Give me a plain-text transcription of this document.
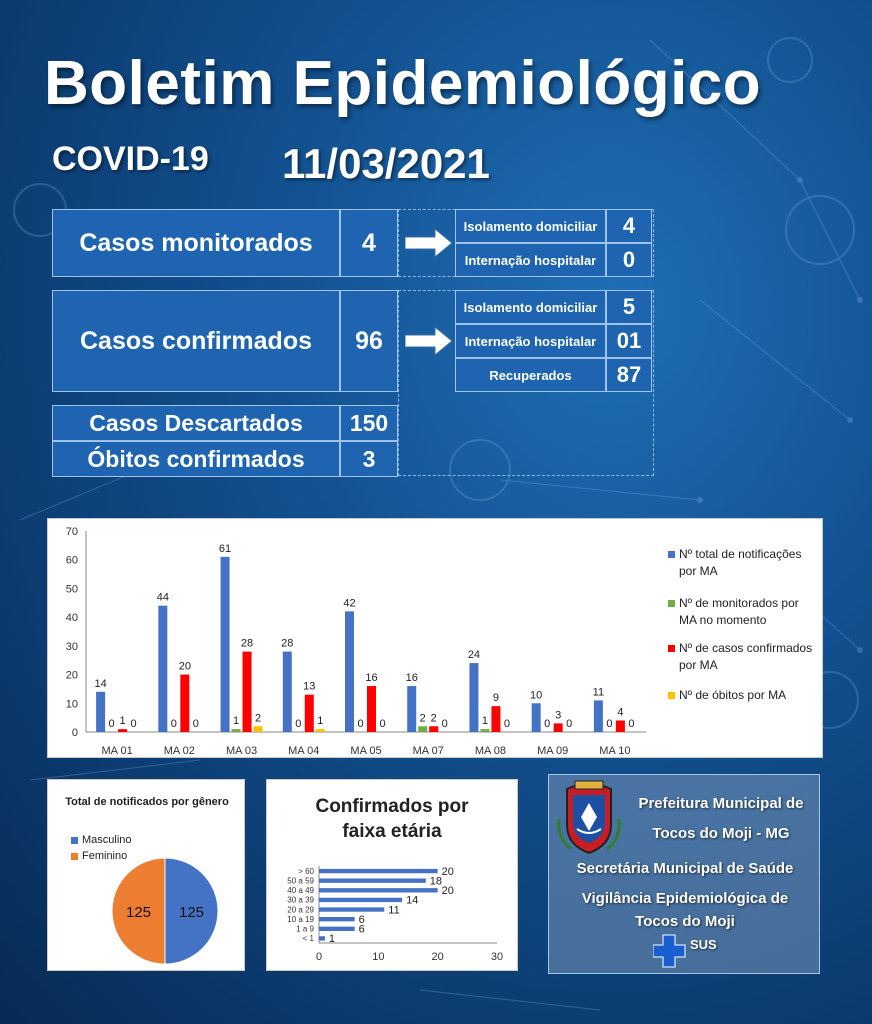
Boletim Epidemiológico
COVID-19 11/03/2021
Casos monitorados	4
Isolamento domiciliar	4
Internação hospitalar	0
Casos confirmados	96
Isolamento domiciliar	5
Internação hospitalar 01
Recuperados	87
Casos Descartados	150
Óbitos confirmados	3
0
10
20
30
40
50
60
70
MA 01
14
0 1 0
MA 02
44
0
20
0
MA 03
61
1
28
2
MA 04
28
0
13
1
MA 05
42
0
16
0
MA 07
16
2 2 0
MA 08
24
1
9
0
MA 09
10
0
3
0
MA 10
11
0
4
0
Nº total de notificações por MA
Nº de monitorados por MA no momento
Nº de casos confirmados por MA
Nº de óbitos por MA
Total de notificados por gênero
Masculino
Feminino
125
125
Confirmados por faixa etária
0	10	20	30
> 60	20
50 a 59	18
40 a 49	20
30 a 39	14
20 a 29	11
10 a 19	6
1 a 9	6
< 1 1
Prefeitura Municipal de
Tocos do Moji - MG
Secretária Municipal de Saúde
Vigilância Epidemiológica de
Tocos do Moji
SUS
